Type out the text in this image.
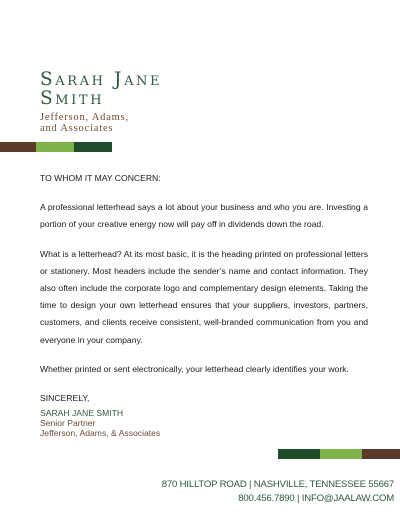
Sarah Jane
Smith
Jefferson, Adams,
and Associates

TO WHOM IT MAY CONCERN:

A professional letterhead says a lot about your business and who you are. Investing a portion of your creative energy now will pay off in dividends down the road.

What is a letterhead? At its most basic, it is the heading printed on professional letters or stationery. Most headers include the sender’s name and contact information. They also often include the corporate logo and complementary design elements. Taking the time to design your own letterhead ensures that your suppliers, investors, partners, customers, and clients receive consistent, well-branded communication from you and everyone in your company.

Whether printed or sent electronically, your letterhead clearly identifies your work.

SINCERELY,

SARAH JANE SMITH
Senior Partner
Jefferson, Adams, & Associates
870 HILLTOP ROAD | NASHVILLE, TENNESSEE 55667
800.456.7890 | INFO@JAALAW.COM
